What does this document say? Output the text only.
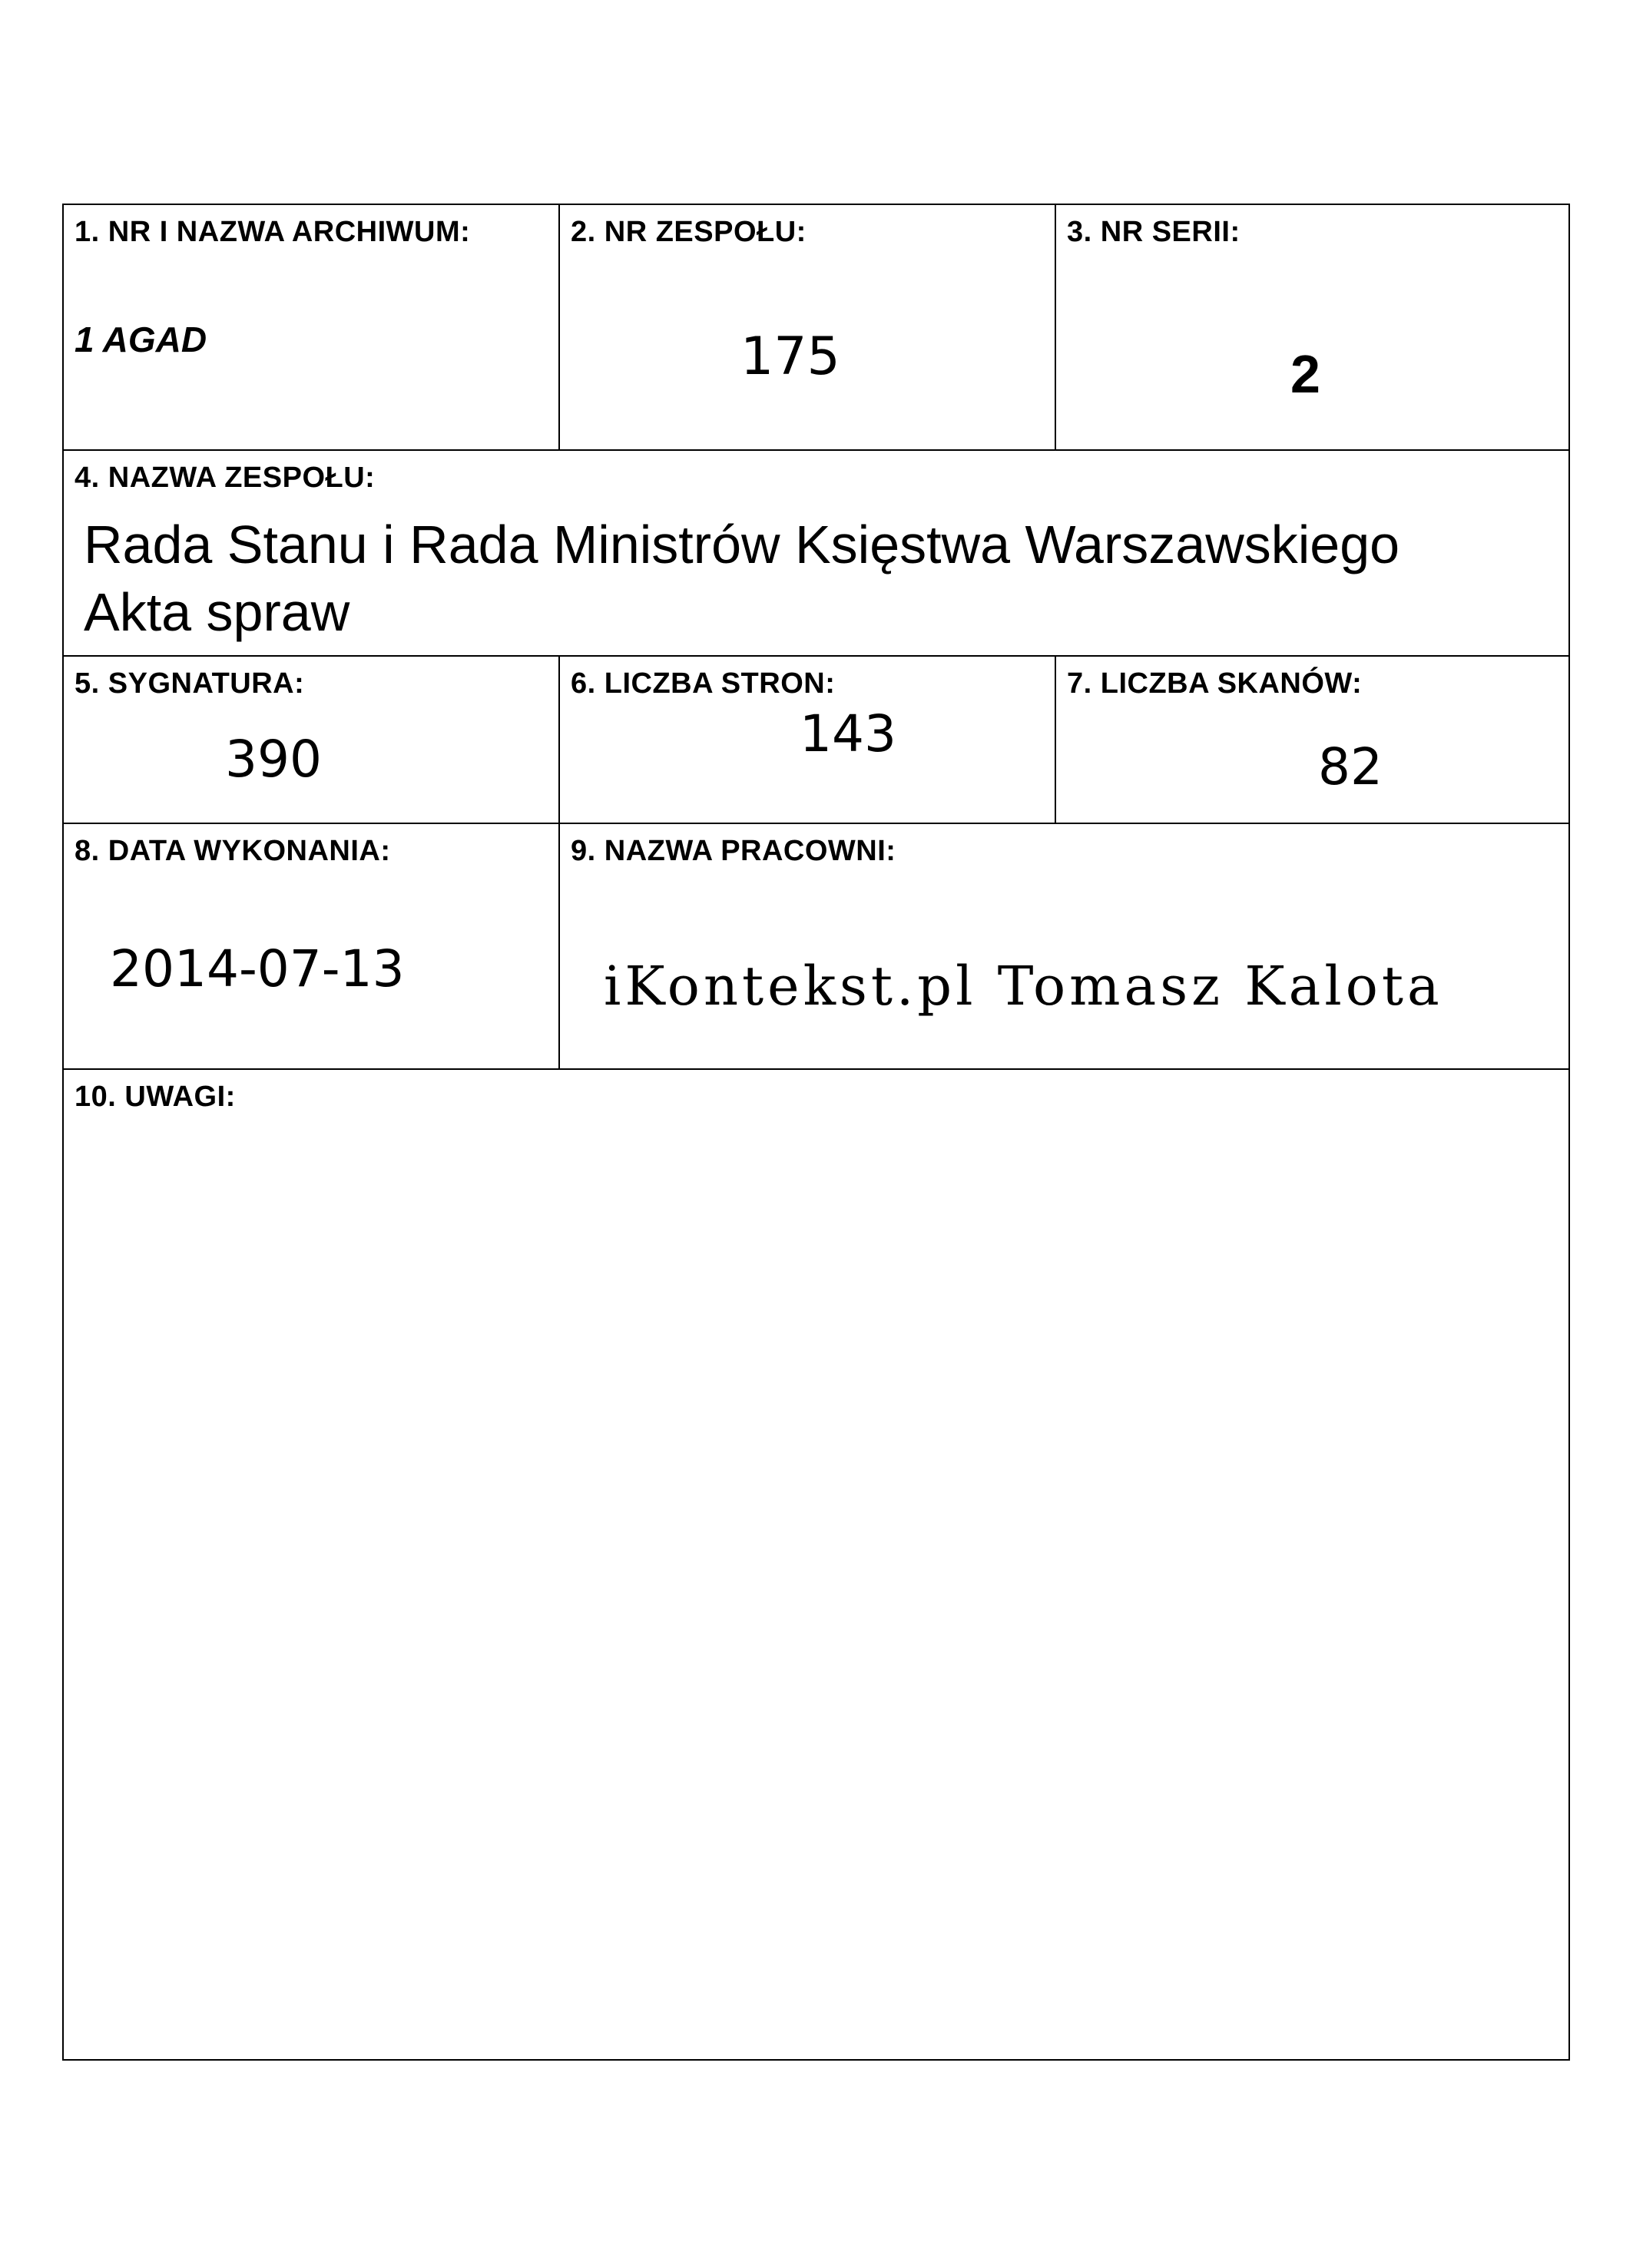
1. NR I NAZWA ARCHIWUM:
1 AGAD
2. NR ZESPOŁU:
175
3. NR SERII:
2
4. NAZWA ZESPOŁU:
Rada Stanu i Rada Ministrów Księstwa Warszawskiego
Akta spraw
5. SYGNATURA:
390
6. LICZBA STRON:
143
7. LICZBA SKANÓW:
82
8. DATA WYKONANIA:
2014-07-13
9. NAZWA PRACOWNI:
iKontekst.pl Tomasz Kalota
10. UWAGI:
